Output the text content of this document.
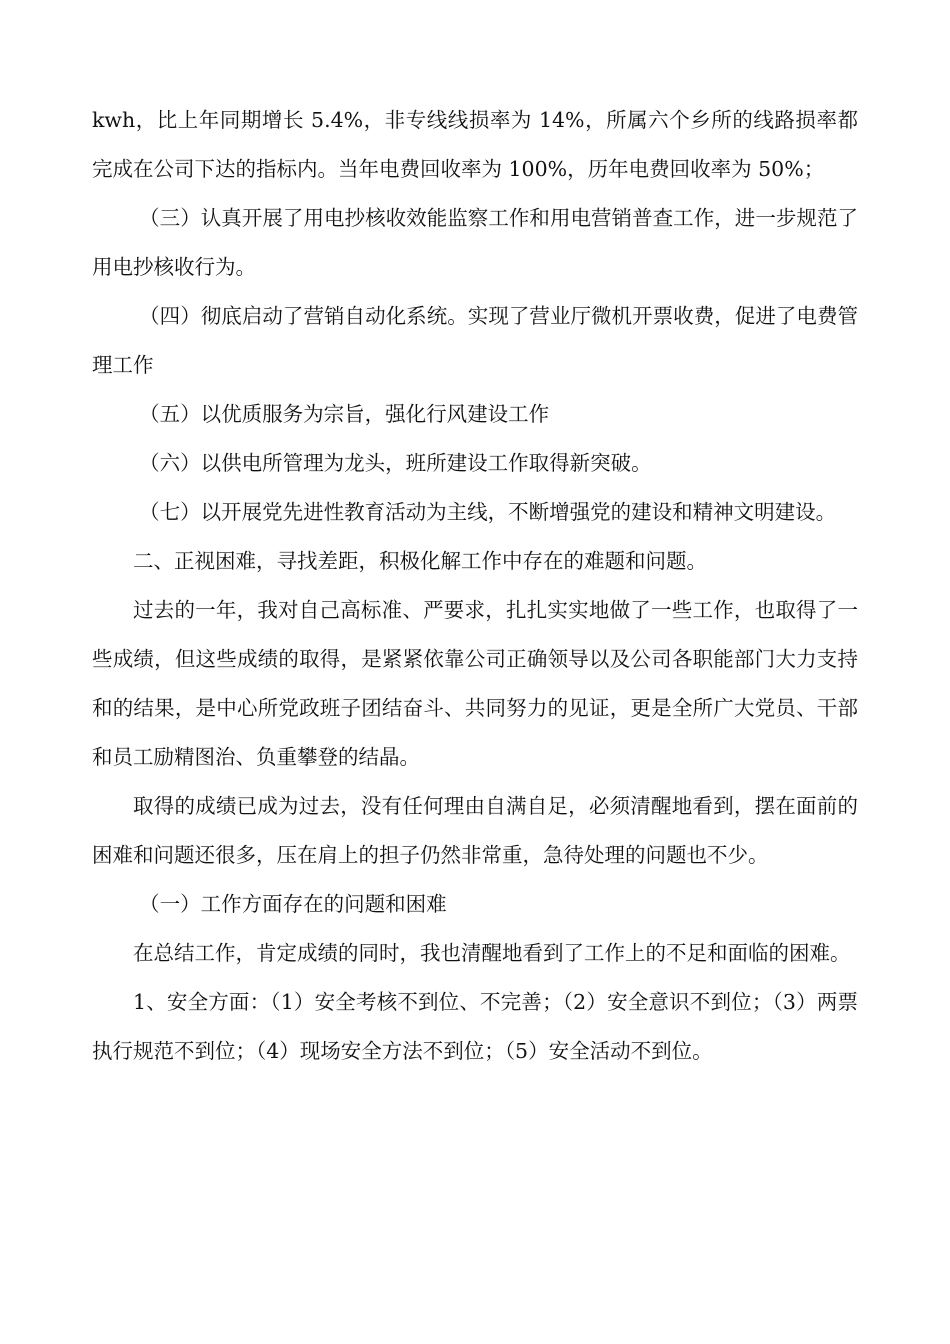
kwh，比上年同期增长 5.4%，非专线线损率为 14%，所属六个乡所的线路损率都完成在公司下达的指标内。当年电费回收率为 100%，历年电费回收率为 50%；

（三）认真开展了用电抄核收效能监察工作和用电营销普查工作，进一步规范了用电抄核收行为。

（四）彻底启动了营销自动化系统。实现了营业厅微机开票收费，促进了电费管理工作

（五）以优质服务为宗旨，强化行风建设工作

（六）以供电所管理为龙头，班所建设工作取得新突破。

（七）以开展党先进性教育活动为主线，不断增强党的建设和精神文明建设。

二、正视困难，寻找差距，积极化解工作中存在的难题和问题。

过去的一年，我对自己高标准、严要求，扎扎实实地做了一些工作，也取得了一些成绩，但这些成绩的取得，是紧紧依靠公司正确领导以及公司各职能部门大力支持和的结果，是中心所党政班子团结奋斗、共同努力的见证，更是全所广大党员、干部和员工励精图治、负重攀登的结晶。

取得的成绩已成为过去，没有任何理由自满自足，必须清醒地看到，摆在面前的困难和问题还很多，压在肩上的担子仍然非常重，急待处理的问题也不少。

（一）工作方面存在的问题和困难

在总结工作，肯定成绩的同时，我也清醒地看到了工作上的不足和面临的困难。

1、安全方面：（1）安全考核不到位、不完善；（2）安全意识不到位；（3）两票执行规范不到位；（4）现场安全方法不到位；（5）安全活动不到位。
